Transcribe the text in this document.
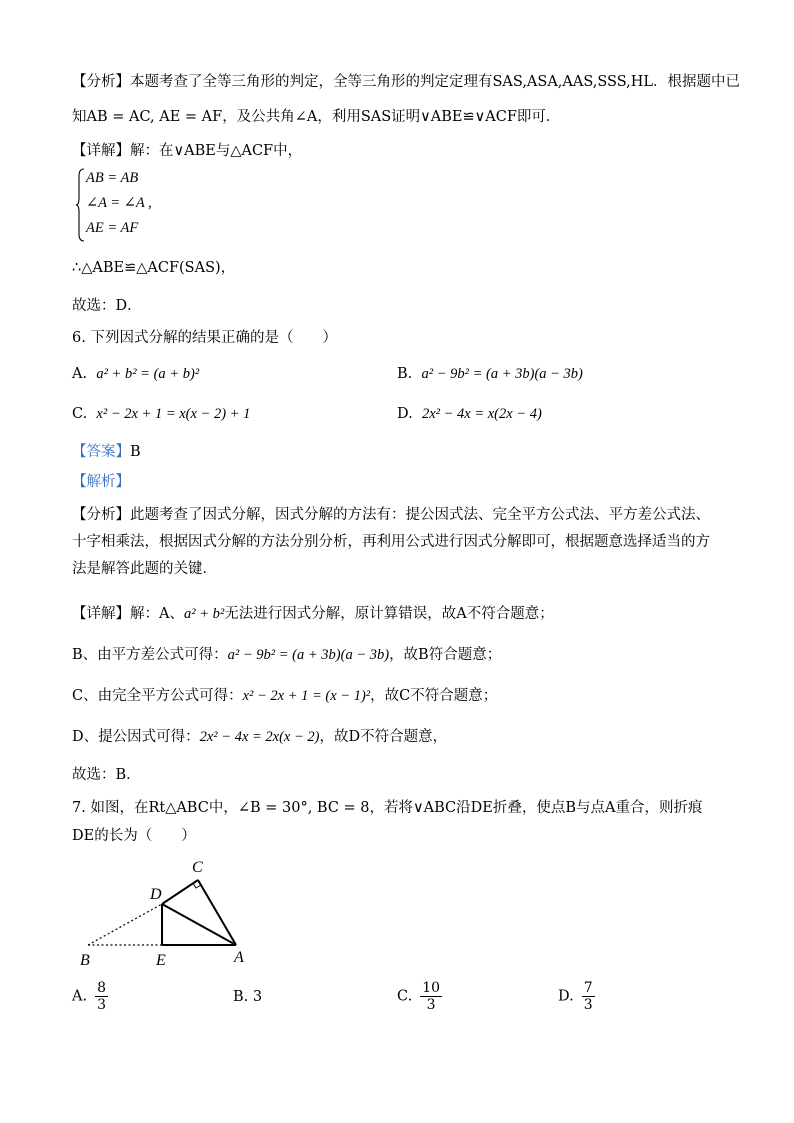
【分析】本题考查了全等三角形的判定，全等三角形的判定定理有SAS,ASA,AAS,SSS,HL．根据题中已
知AB = AC, AE = AF，及公共角∠A，利用SAS证明∨ABE≌∨ACF即可．
【详解】解：在∨ABE与△ACF中，
AB = AB
∠A = ∠A ,
AE = AF
∴△ABE≌△ACF(SAS)，
故选：D．
6. 下列因式分解的结果正确的是（　　）
A. a² + b² = (a + b)²	B. a² − 9b² = (a + 3b)(a − 3b)
C. x² − 2x + 1 = x(x − 2) + 1	D. 2x² − 4x = x(2x − 4)
【答案】B
【解析】
【分析】此题考查了因式分解，因式分解的方法有：提公因式法、完全平方公式法、平方差公式法、十字相乘法，根据因式分解的方法分别分析，再利用公式进行因式分解即可，根据题意选择适当的方法是解答此题的关键．
【详解】解：A、a² + b²无法进行因式分解，原计算错误，故A不符合题意；
B、由平方差公式可得：a² − 9b² = (a + 3b)(a − 3b)，故B符合题意；
C、由完全平方公式可得：x² − 2x + 1 = (x − 1)²，故C不符合题意；
D、提公因式可得：2x² − 4x = 2x(x − 2)，故D不符合题意，
故选：B．
7. 如图，在Rt△ABC中，∠B = 30°, BC = 8，若将∨ABC沿DE折叠，使点B与点A重合，则折痕
DE的长为（　　）
C
D
B	E	A
A. $\frac{8}{3}$	B. 3	C. $\frac{10}{3}$	D. $\frac{7}{3}$
